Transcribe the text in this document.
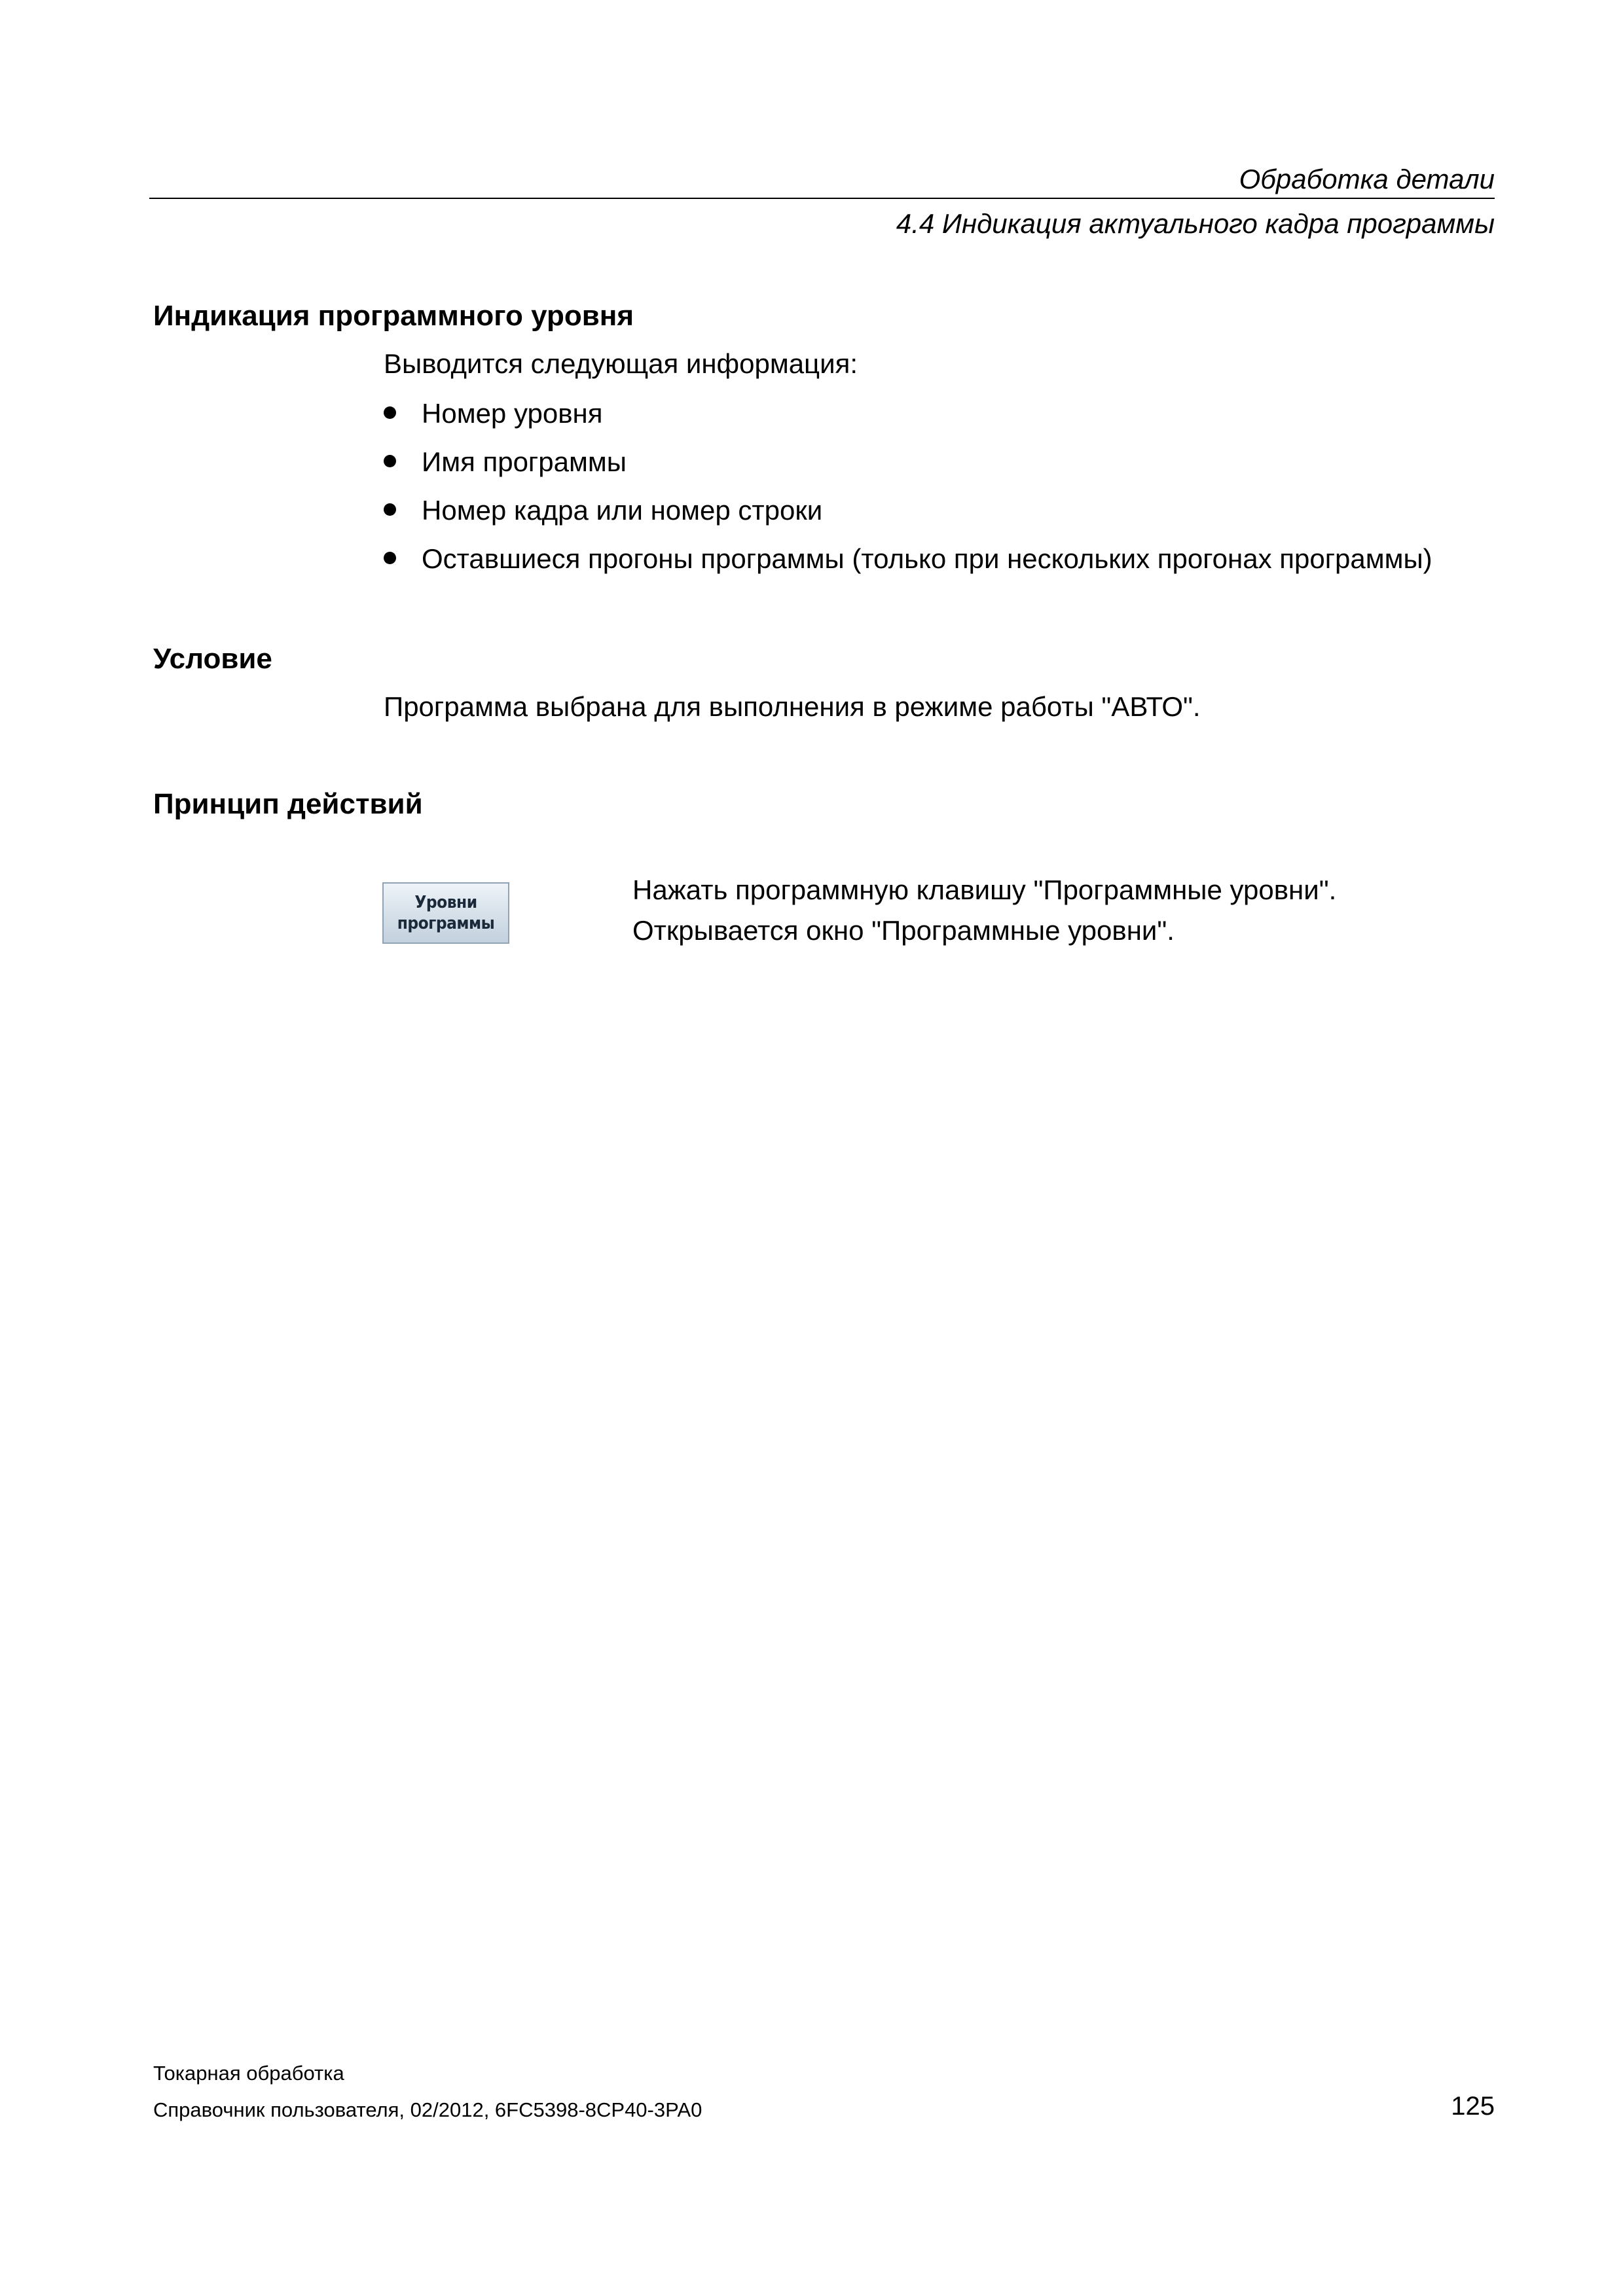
Обработка детали
4.4 Индикация актуального кадра программы
Индикация программного уровня
Выводится следующая информация:
Номер уровня
Имя программы
Номер кадра или номер строки
Оставшиеся прогоны программы (только при нескольких прогонах программы)
Условие
Программа выбрана для выполнения в режиме работы "АВТО".
Принцип действий
Уровни
программы
Нажать программную клавишу "Программные уровни".
Открывается окно "Программные уровни".
Токарная обработка
Справочник пользователя, 02/2012, 6FC5398-8CP40-3PA0	125
